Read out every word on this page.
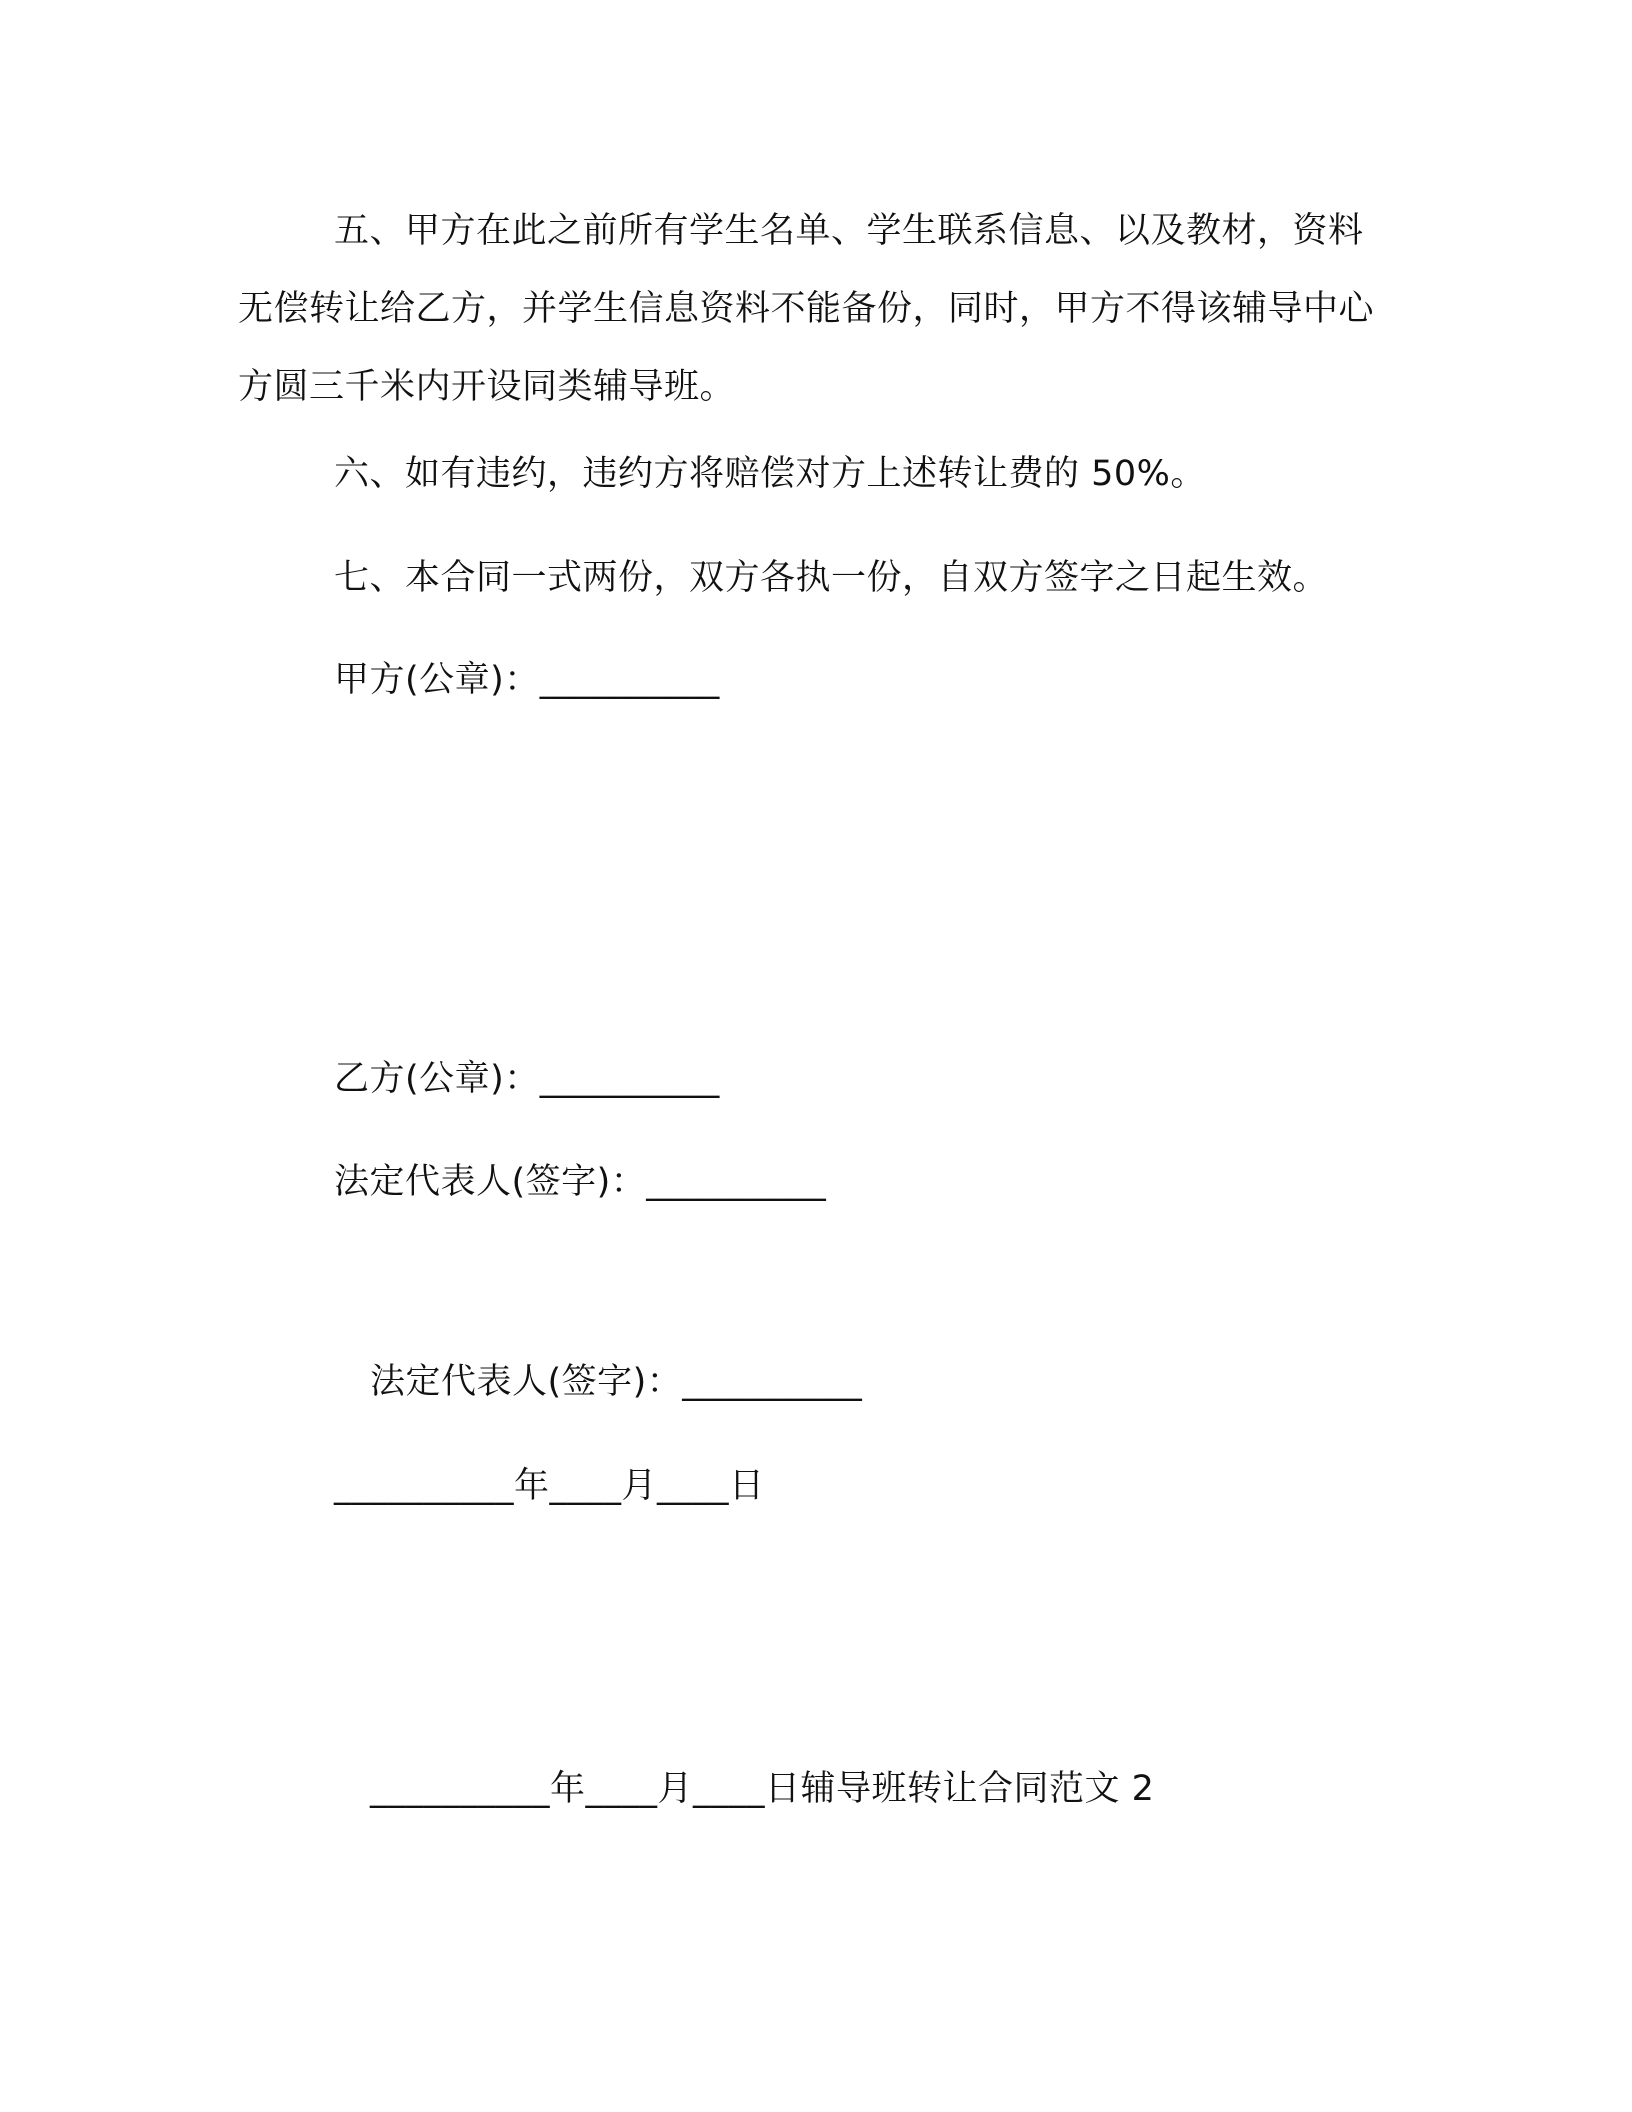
五、甲方在此之前所有学生名单、学生联系信息、以及教材，资料无偿转让给乙方，并学生信息资料不能备份，同时，甲方不得该辅导中心方圆三千米内开设同类辅导班。

六、如有违约，违约方将赔偿对方上述转让费的 50%。
七、本合同一式两份，双方各执一份，自双方签字之日起生效。
甲方(公章)：__________
乙方(公章)：__________
法定代表人(签字)：__________
法定代表人(签字)：__________
__________年____月____日
__________年____月____日辅导班转让合同范文 2
